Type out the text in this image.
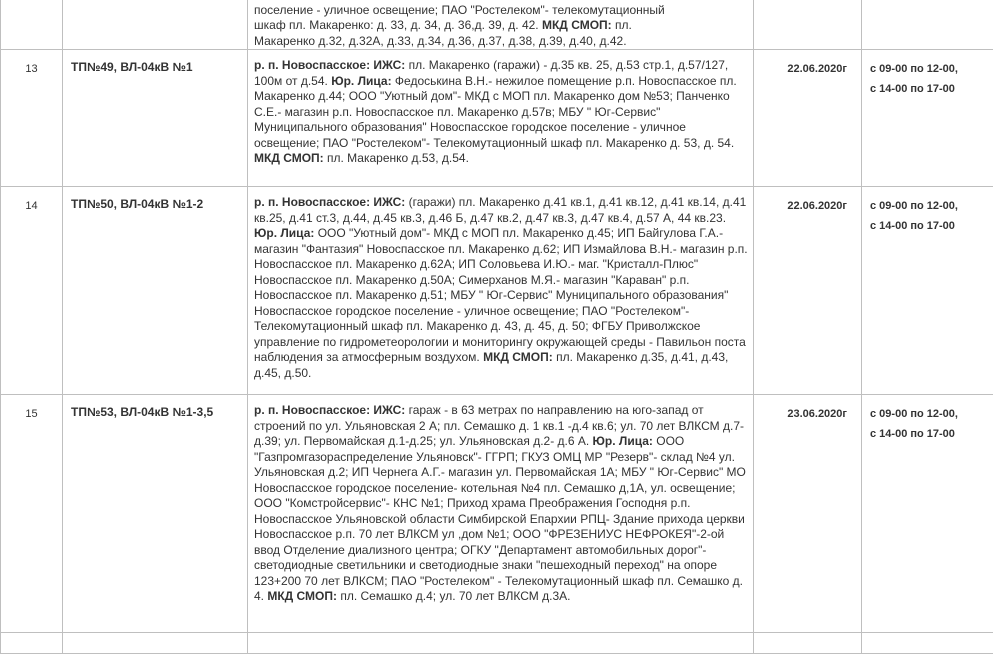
		поселение - уличное освещение; ПАО "Ростелеком"- телекомутационный
шкаф пл. Макаренко: д. 33, д. 34, д. 36,д. 39, д. 42. МКД СМОП: пл.
Макаренко д.32, д.32А, д.33, д.34, д.36, д.37, д.38, д.39, д.40, д.42.		

13	ТП№49, ВЛ-04кВ №1	р. п. Новоспасское: ИЖС: пл. Макаренко (гаражи) - д.35 кв. 25, д.53 стр.1, д.57/127, 100м от д.54. Юр. Лица: Федоськина В.Н.- нежилое помещение р.п. Новоспасское пл. Макаренко д.44; ООО "Уютный дом"- МКД с МОП пл. Макаренко дом №53; Панченко С.Е.- магазин р.п. Новоспасское пл. Макаренко д.57в; МБУ " Юг-Сервис" Муниципального образования" Новоспасское городское поселение - уличное освещение; ПАО "Ростелеком"- Телекомутационный шкаф пл. Макаренко д. 53, д. 54. МКД СМОП: пл. Макаренко д.53, д.54.	22.06.2020г	с 09-00 по 12-00,
с 14-00 по 17-00

14	ТП№50, ВЛ-04кВ №1-2	р. п. Новоспасское: ИЖС: (гаражи) пл. Макаренко д.41 кв.1, д.41 кв.12, д.41 кв.14, д.41 кв.25, д.41 ст.3, д.44, д.45 кв.3, д.46 Б, д.47 кв.2, д.47 кв.3, д.47 кв.4, д.57 А, 44 кв.23. Юр. Лица: ООО "Уютный дом"- МКД с МОП пл. Макаренко д.45; ИП Байгулова Г.А.- магазин "Фантазия" Новоспасское пл. Макаренко д.62; ИП Измайлова В.Н.- магазин р.п. Новоспасское пл. Макаренко д.62А; ИП Соловьева И.Ю.- маг. "Кристалл-Плюс" Новоспасское пл. Макаренко д.50А; Симерханов М.Я.- магазин "Караван" р.п. Новоспасское пл. Макаренко д.51; МБУ " Юг-Сервис" Муниципального образования" Новоспасское городское поселение - уличное освещение; ПАО "Ростелеком"- Телекомутационный шкаф пл. Макаренко д. 43, д. 45, д. 50; ФГБУ Приволжское управление по гидрометеорологии и мониторингу окружающей среды - Павильон поста наблюдения за атмосферным воздухом. МКД СМОП: пл. Макаренко д.35, д.41, д.43, д.45, д.50.	22.06.2020г	с 09-00 по 12-00,
с 14-00 по 17-00

15	ТП№53, ВЛ-04кВ №1-3,5	р. п. Новоспасское: ИЖС: гараж - в 63 метрах по направлению на юго-запад от строений по ул. Ульяновская 2 А; пл. Семашко д. 1 кв.1 -д.4 кв.6; ул. 70 лет ВЛКСМ д.7-д.39; ул. Первомайская д.1-д.25; ул. Ульяновская д.2- д.6 А. Юр. Лица: ООО "Газпромгазораспределение Ульяновск"- ГГРП; ГКУЗ ОМЦ МР "Резерв"- склад №4 ул. Ульяновская д.2; ИП Чернега А.Г.- магазин ул. Первомайская 1А; МБУ " Юг-Сервис" МО Новоспасское городское поселение- котельная №4 пл. Семашко д,1А, ул. освещение; ООО "Комстройсервис"- КНС №1; Приход храма Преображения Господня р.п. Новоспасское Ульяновской области Симбирской Епархии РПЦ- Здание прихода церкви Новоспасское р.п. 70 лет ВЛКСМ ул ,дом №1; ООО "ФРЕЗЕНИУС НЕФРОКЕЯ"-2-ой ввод Отделение диализного центра; ОГКУ "Департамент автомобильных дорог"- светодиодные светильники и светодиодные знаки "пешеходный переход" на опоре 123+200 70 лет ВЛКСМ; ПАО "Ростелеком" - Телекомутационный шкаф пл. Семашко д. 4. МКД СМОП: пл. Семашко д.4; ул. 70 лет ВЛКСМ д.3А.	23.06.2020г	с 09-00 по 12-00,
с 14-00 по 17-00
